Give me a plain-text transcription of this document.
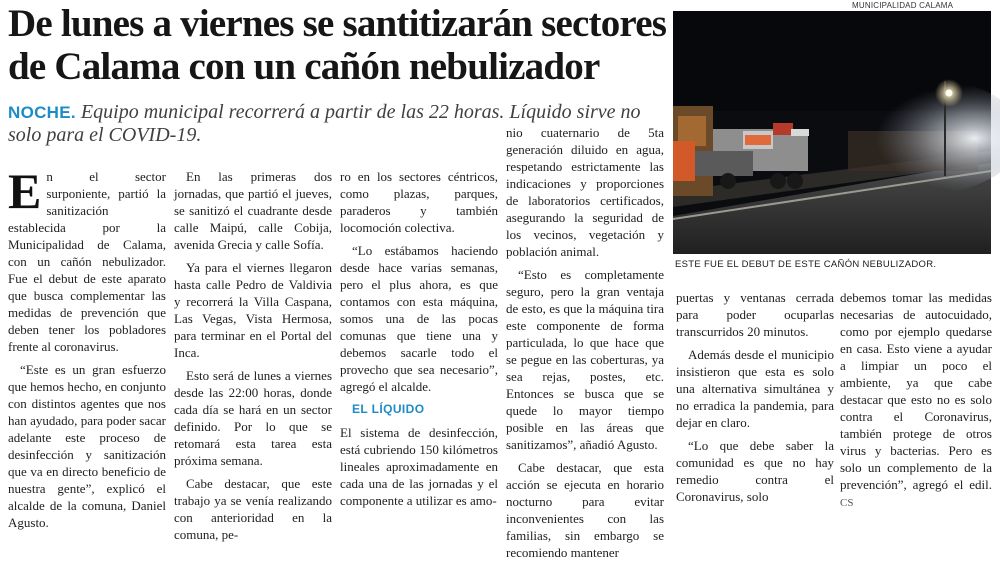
De lunes a viernes se santitizarán sectores de Calama con un cañón nebulizador
NOCHE. Equipo municipal recorrerá a partir de las 22 horas. Líquido sirve no solo para el COVID-19.
MUNICIPALIDAD CALAMA
ESTE FUE EL DEBUT DE ESTE CAÑÓN NEBULIZADOR.

En el sector surponiente, partió la sanitización establecida por la Municipalidad de Calama, con un cañón nebulizador. Fue el debut de este aparato que busca complementar las medidas de prevención que deben tener los pobladores frente al coronavirus.

“Este es un gran esfuerzo que hemos hecho, en conjunto con distintos agentes que nos han ayudado, para poder sacar adelante este proceso de desinfección y sanitización que va en directo beneficio de nuestra gente”, explicó el alcalde de la comuna, Daniel Agusto.

En las primeras dos jornadas, que partió el jueves, se sanitizó el cuadrante desde calle Maipú, calle Cobija, avenida Grecia y calle Sofía.

Ya para el viernes llegaron hasta calle Pedro de Valdivia y recorrerá la Villa Caspana, Las Vegas, Vista Hermosa, para terminar en el Portal del Inca.

Esto será de lunes a viernes desde las 22:00 horas, donde cada día se hará en un sector definido. Por lo que se retomará esta tarea esta próxima semana.

Cabe destacar, que este trabajo ya se venía realizando con anterioridad en la comuna, pe-

ro en los sectores céntricos, como plazas, parques, paraderos y también locomoción colectiva.

“Lo estábamos haciendo desde hace varias semanas, pero el plus ahora, es que contamos con esta máquina, somos una de las pocas comunas que tiene una y debemos sacarle todo el provecho que sea necesario”, agregó el alcalde.

EL LÍQUIDO

El sistema de desinfección, está cubriendo 150 kilómetros lineales aproximadamente en cada una de las jornadas y el componente a utilizar es amo-

nio cuaternario de 5ta generación diluido en agua, respetando estrictamente las indicaciones y proporciones de laboratorios certificados, asegurando la seguridad de los vecinos, vegetación y población animal.

“Esto es completamente seguro, pero la gran ventaja de esto, es que la máquina tira este componente de forma particulada, lo que hace que se pegue en las coberturas, ya sea rejas, postes, etc. Entonces se busca que se quede lo mayor tiempo posible en las áreas que sanitizamos”, añadió Agusto.

Cabe destacar, que esta acción se ejecuta en horario nocturno para evitar inconvenientes con las familias, sin embargo se recomiendo mantener

puertas y ventanas cerrada para poder ocuparlas transcurridos 20 minutos.

Además desde el municipio insistieron que esta es solo una alternativa simultánea y no erradica la pandemia, para dejar en claro.

“Lo que debe saber la comunidad es que no hay remedio contra el Coronavirus, solo

debemos tomar las medidas necesarias de autocuidado, como por ejemplo quedarse en casa. Esto viene a ayudar a limpiar un poco el ambiente, ya que cabe destacar que esto no es solo contra el Coronavirus, también protege de otros virus y bacterias. Pero es solo un complemento de la prevención”, agregó el edil. CS
